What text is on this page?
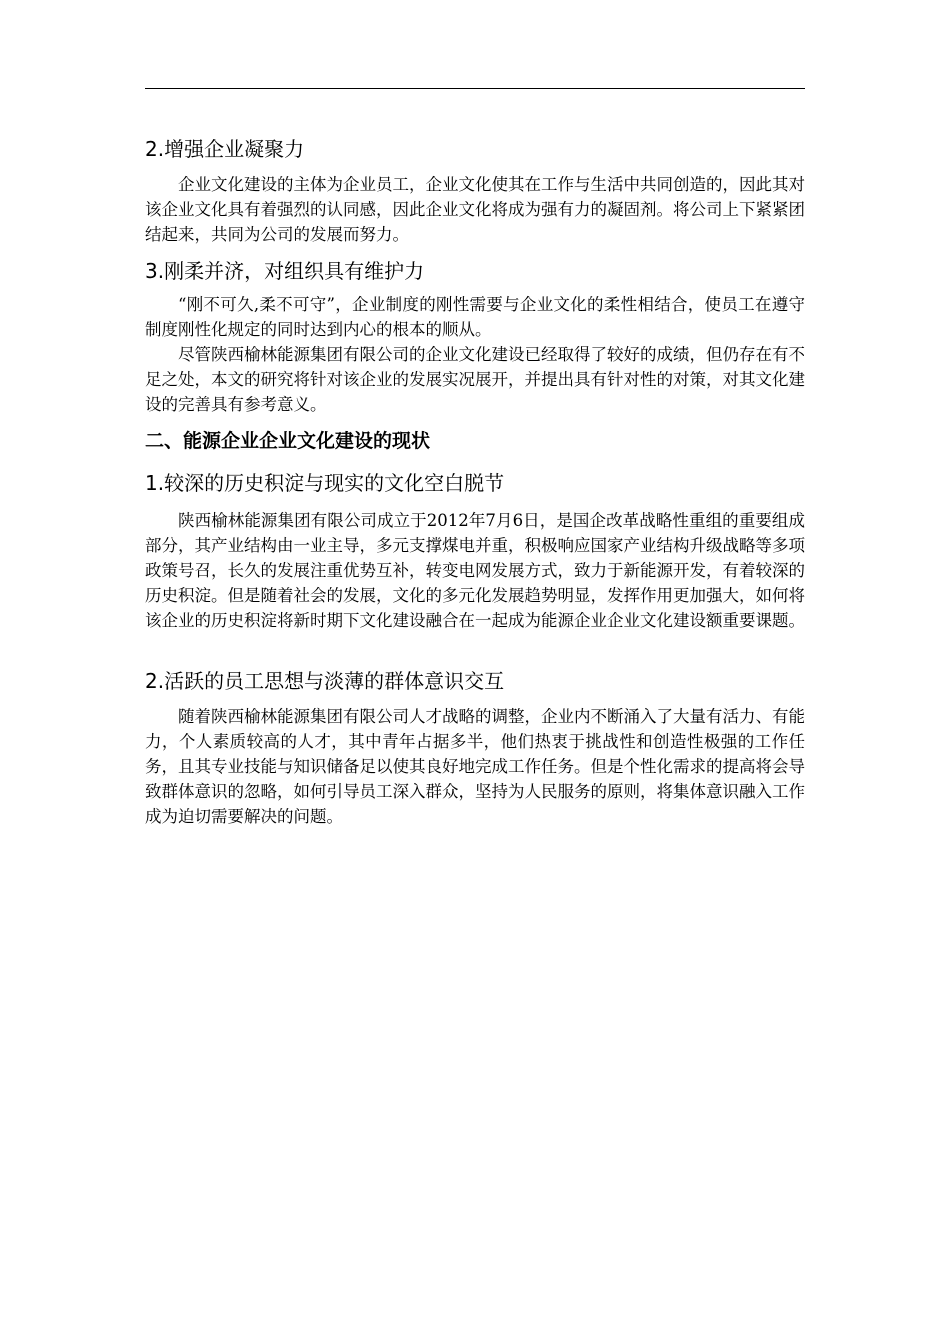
2.增强企业凝聚力

企业文化建设的主体为企业员工，企业文化使其在工作与生活中共同创造的，因此其对该企业文化具有着强烈的认同感，因此企业文化将成为强有力的凝固剂。将公司上下紧紧团结起来，共同为公司的发展而努力。

3.刚柔并济，对组织具有维护力

“刚不可久,柔不可守”，企业制度的刚性需要与企业文化的柔性相结合，使员工在遵守制度刚性化规定的同时达到内心的根本的顺从。

尽管陕西榆林能源集团有限公司的企业文化建设已经取得了较好的成绩，但仍存在有不足之处，本文的研究将针对该企业的发展实况展开，并提出具有针对性的对策，对其文化建设的完善具有参考意义。

二、能源企业企业文化建设的现状
1.较深的历史积淀与现实的文化空白脱节

陕西榆林能源集团有限公司成立于2012年7月6日，是国企改革战略性重组的重要组成部分，其产业结构由一业主导，多元支撑煤电并重，积极响应国家产业结构升级战略等多项政策号召，长久的发展注重优势互补，转变电网发展方式，致力于新能源开发，有着较深的历史积淀。但是随着社会的发展，文化的多元化发展趋势明显，发挥作用更加强大，如何将该企业的历史积淀将新时期下文化建设融合在一起成为能源企业企业文化建设额重要课题。

2.活跃的员工思想与淡薄的群体意识交互

随着陕西榆林能源集团有限公司人才战略的调整，企业内不断涌入了大量有活力、有能力，个人素质较高的人才，其中青年占据多半，他们热衷于挑战性和创造性极强的工作任务，且其专业技能与知识储备足以使其良好地完成工作任务。但是个性化需求的提高将会导致群体意识的忽略，如何引导员工深入群众，坚持为人民服务的原则，将集体意识融入工作成为迫切需要解决的问题。
